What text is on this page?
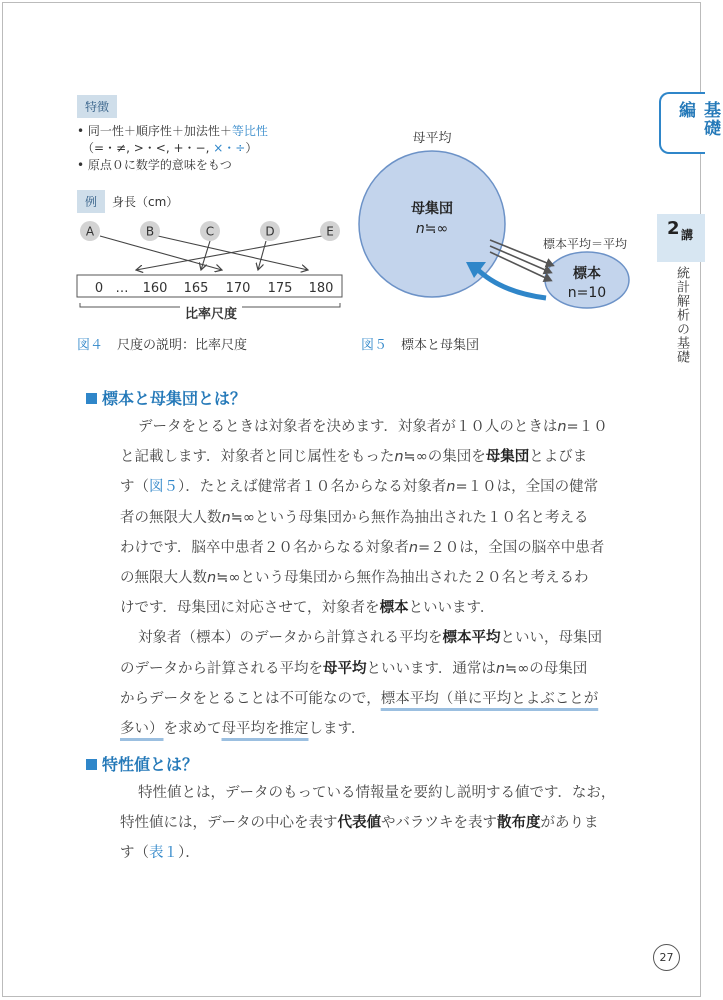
基礎編
2 講
統計解析の基礎
特徴
• 同一性＋順序性＋加法性＋等比性
（=・≠, >・<, +・−, ×・÷）
• 原点０に数学的意味をもつ
例	身長（cm）
A	B	C	D	E
0 … 160 165 170 175 180
比率尺度
母平均
母集団
n≒∞
標本平均＝平均
標本
n=10
図４ 尺度の説明：比率尺度	図５ 標本と母集団
標本と母集団とは？
データをとるときは対象者を決めます．対象者が１０人のときはn=１０
と記載します．対象者と同じ属性をもったn≒∞の集団を母集団とよびま
す（図５）．たとえば健常者１０名からなる対象者n=１０は，全国の健常
者の無限大人数n≒∞という母集団から無作為抽出された１０名と考える
わけです．脳卒中患者２０名からなる対象者n=２０は，全国の脳卒中患者
の無限大人数n≒∞という母集団から無作為抽出された２０名と考えるわ
けです．母集団に対応させて，対象者を標本といいます．
対象者（標本）のデータから計算される平均を標本平均といい，母集団
のデータから計算される平均を母平均といいます．通常はn≒∞の母集団
からデータをとることは不可能なので，標本平均（単に平均とよぶことが
多い）を求めて母平均を推定します．
特性値とは？
特性値とは，データのもっている情報量を要約し説明する値です．なお，
特性値には，データの中心を表す代表値やバラツキを表す散布度がありま
す（表１）．
27
